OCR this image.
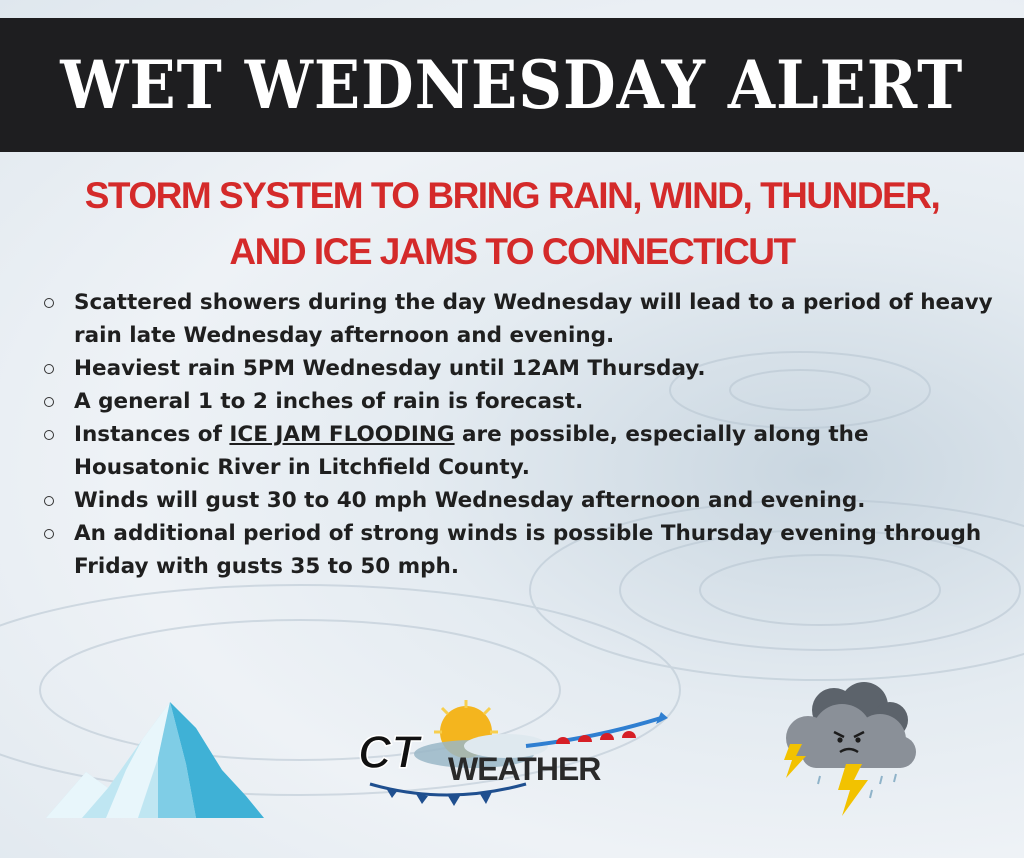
WET WEDNESDAY ALERT
STORM SYSTEM TO BRING RAIN, WIND, THUNDER,
AND ICE JAMS TO CONNECTICUT
Scattered showers during the day Wednesday will lead to a period of heavy rain late Wednesday afternoon and evening.
Heaviest rain 5PM Wednesday until 12AM Thursday.
A general 1 to 2 inches of rain is forecast.
Instances of ICE JAM FLOODING are possible, especially along the Housatonic River in Litchfield County.
Winds will gust 30 to 40 mph Wednesday afternoon and evening.
An additional period of strong winds is possible Thursday evening through Friday with gusts 35 to 50 mph.
CT WEATHER
